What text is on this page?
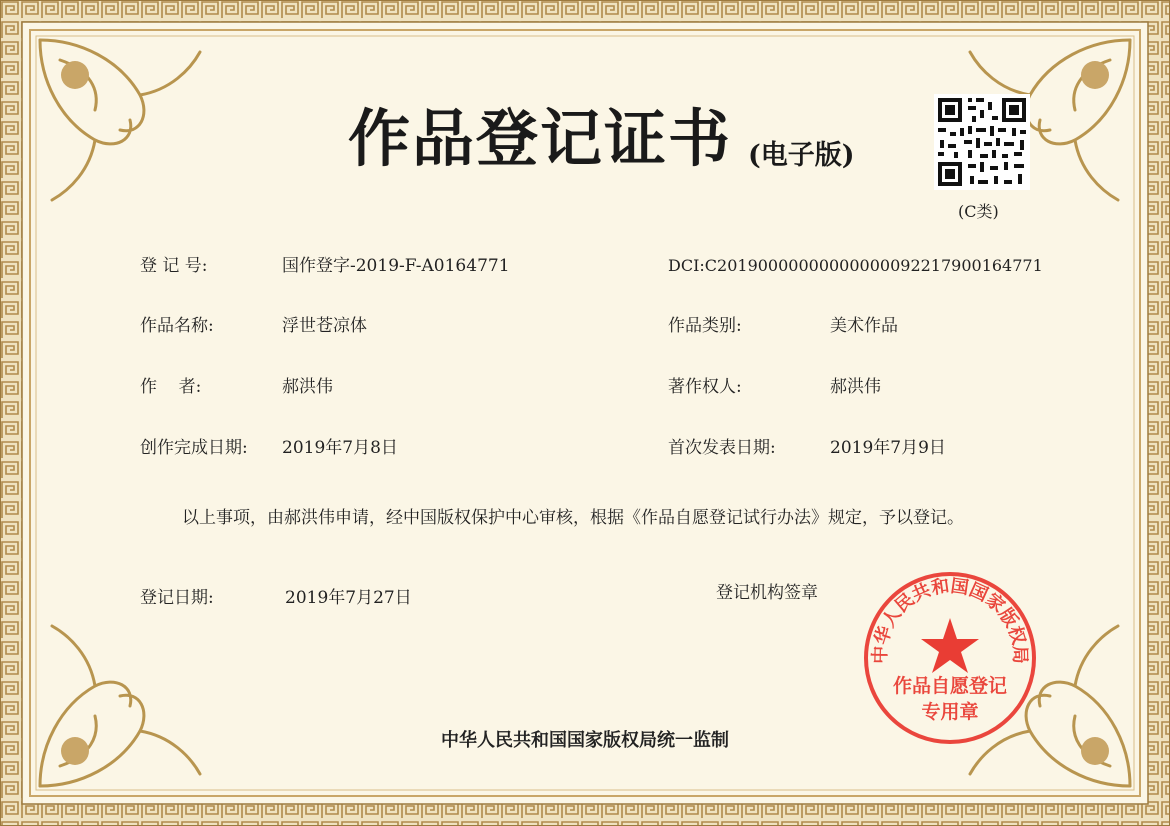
作品登记证书 (电子版)
(C类)
登 记 号:	国作登字-2019-F-A0164771	DCI:C20190000000000000092217900164771
作品名称:	浮世苍凉体	作品类别:	美术作品
作    者:	郝洪伟	著作权人:	郝洪伟
创作完成日期: 2019年7月8日	首次发表日期:	2019年7月9日
以上事项，由郝洪伟申请，经中国版权保护中心审核，根据《作品自愿登记试行办法》规定，予以登记。
登记日期:	2019年7月27日	登记机构签章
中华人民共和国国家版权局
作品自愿登记
专用章
中华人民共和国国家版权局统一监制
